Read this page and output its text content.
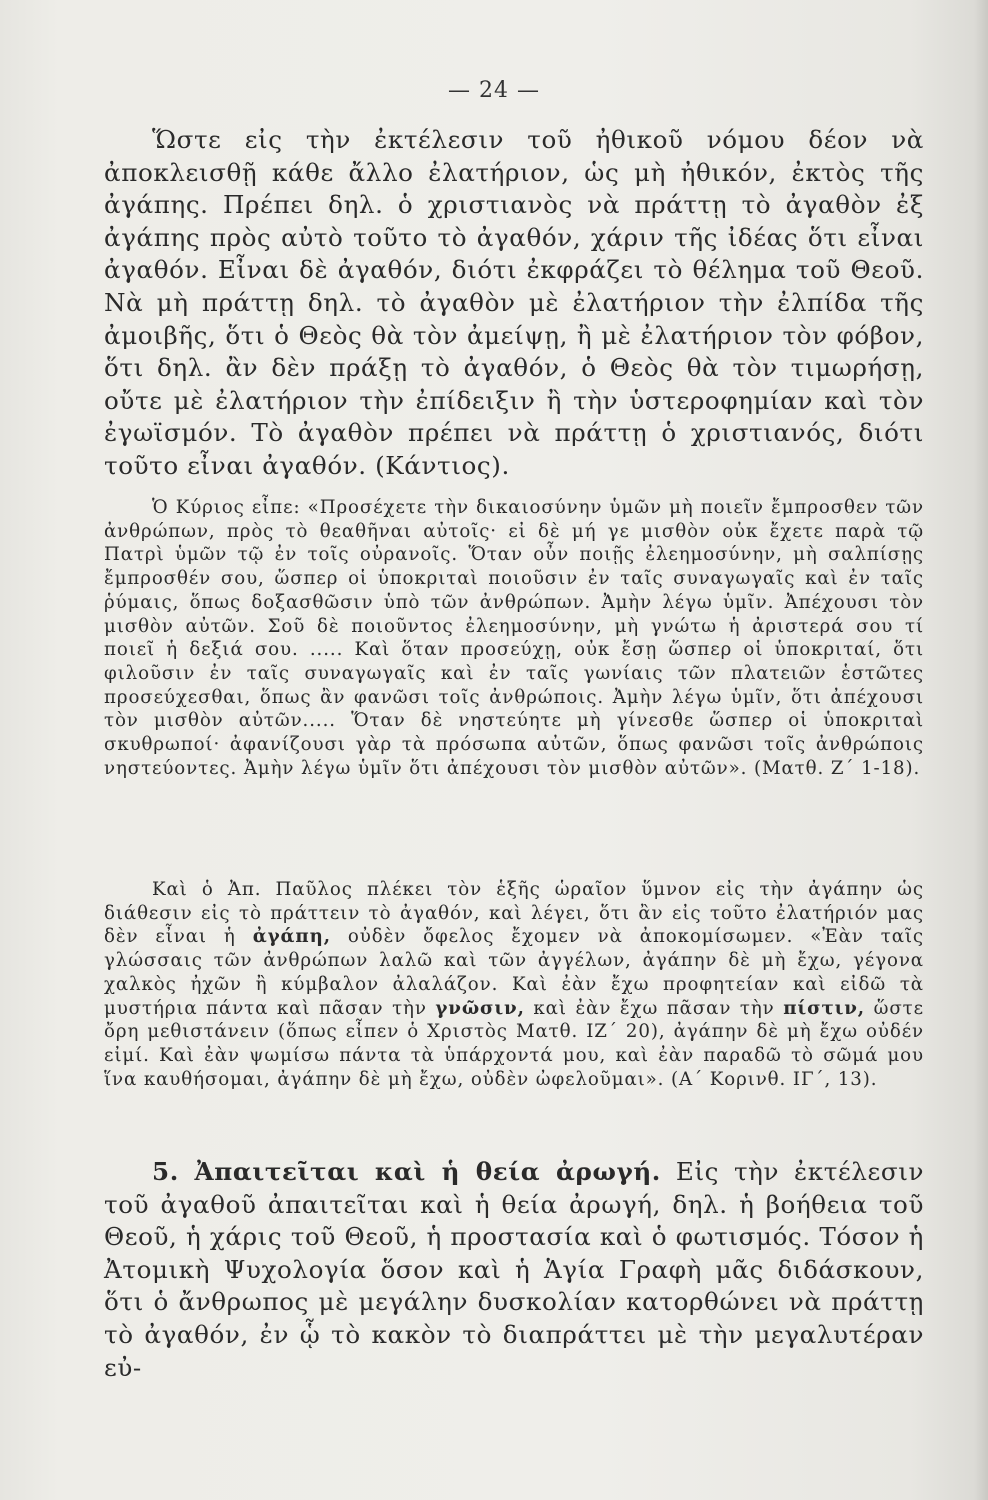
— 24 —

Ὥστε εἰς τὴν ἐκτέλεσιν τοῦ ἠθικοῦ νόμου δέον νὰ ἀποκλεισθῇ κάθε ἄλλο ἐλατήριον, ὡς μὴ ἠθικόν, ἐκτὸς τῆς ἀγάπης. Πρέπει δηλ. ὁ χριστιανὸς νὰ πράττῃ τὸ ἀγαθὸν ἐξ ἀγάπης πρὸς αὐτὸ τοῦτο τὸ ἀγαθόν, χάριν τῆς ἰδέας ὅτι εἶναι ἀγαθόν. Εἶναι δὲ ἀγαθόν, διότι ἐκφράζει τὸ θέλημα τοῦ Θεοῦ. Νὰ μὴ πράττῃ δηλ. τὸ ἀγαθὸν μὲ ἐλατήριον τὴν ἐλπίδα τῆς ἀμοιβῆς, ὅτι ὁ Θεὸς θὰ τὸν ἀμείψῃ, ἢ μὲ ἐλατήριον τὸν φόβον, ὅτι δηλ. ἂν δὲν πράξῃ τὸ ἀγαθόν, ὁ Θεὸς θὰ τὸν τιμωρήσῃ, οὔτε μὲ ἐλατήριον τὴν ἐπίδειξιν ἢ τὴν ὑστεροφημίαν καὶ τὸν ἐγωϊσμόν. Τὸ ἀγαθὸν πρέπει νὰ πράττῃ ὁ χριστιανός, διότι τοῦτο εἶναι ἀγαθόν. (Κάντιος).

Ὁ Κύριος εἶπε: «Προσέχετε τὴν δικαιοσύνην ὑμῶν μὴ ποιεῖν ἔμπροσθεν τῶν ἀνθρώπων, πρὸς τὸ θεαθῆναι αὐτοῖς· εἰ δὲ μή γε μισθὸν οὐκ ἔχετε παρὰ τῷ Πατρὶ ὑμῶν τῷ ἐν τοῖς οὐρανοῖς. Ὅταν οὖν ποιῇς ἐλεημοσύνην, μὴ σαλπίσῃς ἔμπροσθέν σου, ὥσπερ οἱ ὑποκριταὶ ποιοῦσιν ἐν ταῖς συναγωγαῖς καὶ ἐν ταῖς ῥύμαις, ὅπως δοξασθῶσιν ὑπὸ τῶν ἀνθρώπων. Ἀμὴν λέγω ὑμῖν. Ἀπέχουσι τὸν μισθὸν αὐτῶν. Σοῦ δὲ ποιοῦντος ἐλεημοσύνην, μὴ γνώτω ἡ ἀριστερά σου τί ποιεῖ ἡ δεξιά σου. ..... Καὶ ὅταν προσεύχῃ, οὐκ ἔσῃ ὥσπερ οἱ ὑποκριταί, ὅτι φιλοῦσιν ἐν ταῖς συναγωγαῖς καὶ ἐν ταῖς γωνίαις τῶν πλατειῶν ἑστῶτες προσεύχεσθαι, ὅπως ἂν φανῶσι τοῖς ἀνθρώποις. Ἀμὴν λέγω ὑμῖν, ὅτι ἀπέχουσι τὸν μισθὸν αὐτῶν..... Ὅταν δὲ νηστεύητε μὴ γίνεσθε ὥσπερ οἱ ὑποκριταὶ σκυθρωποί· ἀφανίζουσι γὰρ τὰ πρόσωπα αὐτῶν, ὅπως φανῶσι τοῖς ἀνθρώποις νηστεύοντες. Ἀμὴν λέγω ὑμῖν ὅτι ἀπέχουσι τὸν μισθὸν αὐτῶν». (Ματθ. Ζ΄ 1-18).

Καὶ ὁ Ἀπ. Παῦλος πλέκει τὸν ἑξῆς ὡραῖον ὕμνον εἰς τὴν ἀγάπην ὡς διάθεσιν εἰς τὸ πράττειν τὸ ἀγαθόν, καὶ λέγει, ὅτι ἂν εἰς τοῦτο ἐλατήριόν μας δὲν εἶναι ἡ ἀγάπη, οὐδὲν ὄφελος ἔχομεν νὰ ἀποκομίσωμεν. «Ἐὰν ταῖς γλώσσαις τῶν ἀνθρώπων λαλῶ καὶ τῶν ἀγγέλων, ἀγάπην δὲ μὴ ἔχω, γέγονα χαλκὸς ἠχῶν ἢ κύμβαλον ἀλαλάζον. Καὶ ἐὰν ἔχω προφητείαν καὶ εἰδῶ τὰ μυστήρια πάντα καὶ πᾶσαν τὴν γνῶσιν, καὶ ἐὰν ἔχω πᾶσαν τὴν πίστιν, ὥστε ὄρη μεθιστάνειν (ὅπως εἶπεν ὁ Χριστὸς Ματθ. ΙΖ΄ 20), ἀγάπην δὲ μὴ ἔχω οὐδέν εἰμί. Καὶ ἐὰν ψωμίσω πάντα τὰ ὑπάρχοντά μου, καὶ ἐὰν παραδῶ τὸ σῶμά μου ἵνα καυθήσομαι, ἀγάπην δὲ μὴ ἔχω, οὐδὲν ὠφελοῦμαι». (Α΄ Κορινθ. ΙΓ΄, 13).

5. Ἀπαιτεῖται καὶ ἡ θεία ἀρωγή. Εἰς τὴν ἐκτέλεσιν τοῦ ἀγαθοῦ ἀπαιτεῖται καὶ ἡ θεία ἀρωγή, δηλ. ἡ βοήθεια τοῦ Θεοῦ, ἡ χάρις τοῦ Θεοῦ, ἡ προστασία καὶ ὁ φωτισμός. Τόσον ἡ Ἀτομικὴ Ψυχολογία ὅσον καὶ ἡ Ἁγία Γραφὴ μᾶς διδάσκουν, ὅτι ὁ ἄνθρωπος μὲ μεγάλην δυσκολίαν κατορθώνει νὰ πράττῃ τὸ ἀγαθόν, ἐν ᾧ τὸ κακὸν τὸ διαπράττει μὲ τὴν μεγαλυτέραν εὐ-
